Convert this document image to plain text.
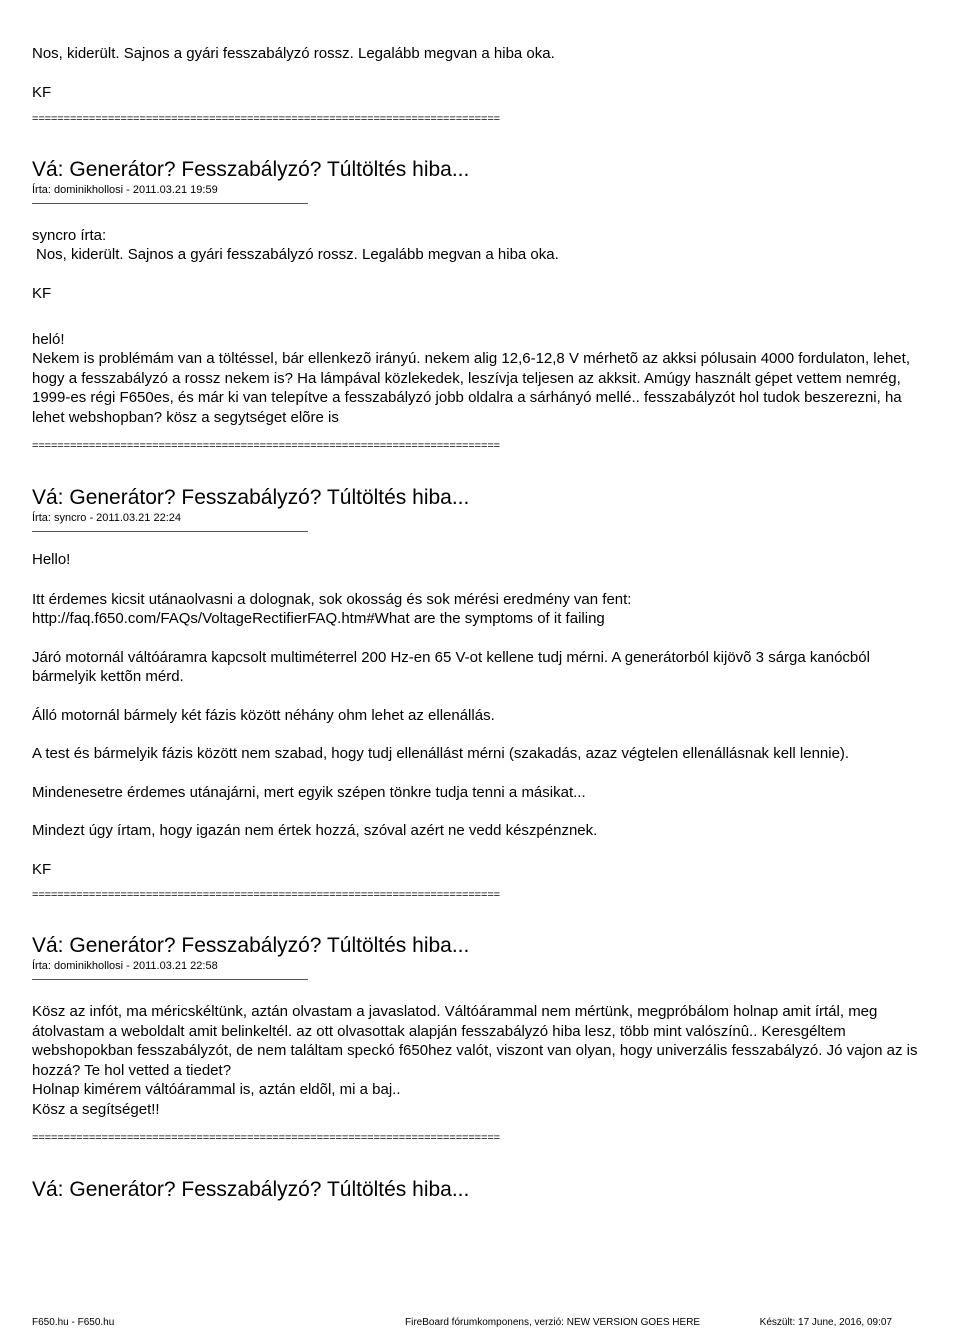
Nos, kiderült. Sajnos a gyári fesszabályzó rossz. Legalább megvan a hiba oka.

KF

==========================================================================

Vá: Generátor? Fesszabályzó? Túltöltés hiba...

Írta: dominikhollosi - 2011.03.21 19:59

syncro írta:

Nos, kiderült. Sajnos a gyári fesszabályzó rossz. Legalább megvan a hiba oka.

KF

heló!

Nekem is problémám van a töltéssel, bár ellenkezõ irányú. nekem alig 12,6-12,8 V mérhetõ az akksi pólusain 4000 fordulaton, lehet, hogy a fesszabályzó a rossz nekem is? Ha lámpával közlekedek, leszívja teljesen az akksit. Amúgy használt gépet vettem nemrég, 1999-es régi F650es, és már ki van telepítve a fesszabályzó jobb oldalra a sárhányó mellé.. fesszabályzót hol tudok beszerezni, ha lehet webshopban? kösz a segytséget elõre is

==========================================================================

Vá: Generátor? Fesszabályzó? Túltöltés hiba...

Írta: syncro - 2011.03.21 22:24

Hello!

Itt érdemes kicsit utánaolvasni a dolognak, sok okosság és sok mérési eredmény van fent: http://faq.f650.com/FAQs/VoltageRectifierFAQ.htm#What are the symptoms of it failing

Járó motornál váltóáramra kapcsolt multiméterrel 200 Hz-en 65 V-ot kellene tudj mérni. A generátorból kijövõ 3 sárga kanócból bármelyik kettõn mérd.

Álló motornál bármely két fázis között néhány ohm lehet az ellenállás.

A test és bármelyik fázis között nem szabad, hogy tudj ellenállást mérni (szakadás, azaz végtelen ellenállásnak kell lennie).

Mindenesetre érdemes utánajárni, mert egyik szépen tönkre tudja tenni a másikat...

Mindezt úgy írtam, hogy igazán nem értek hozzá, szóval azért ne vedd készpénznek.

KF

==========================================================================

Vá: Generátor? Fesszabályzó? Túltöltés hiba...

Írta: dominikhollosi - 2011.03.21 22:58

Kösz az infót, ma méricskéltünk, aztán olvastam a javaslatod. Váltóárammal nem mértünk, megpróbálom holnap amit írtál, meg átolvastam a weboldalt amit belinkeltél. az ott olvasottak alapján fesszabályzó hiba lesz, több mint valószínû.. Keresgéltem webshopokban fesszabályzót, de nem találtam speckó f650hez valót, viszont van olyan, hogy univerzális fesszabályzó. Jó vajon az is hozzá? Te hol vetted a tiedet?
Holnap kimérem váltóárammal is, aztán eldõl, mi a baj..
Kösz a segítséget!!

==========================================================================

Vá: Generátor? Fesszabályzó? Túltöltés hiba...

F650.hu - F650.hu	FireBoard fórumkomponens, verzió: NEW VERSION GOES HERE	Készült: 17 June, 2016, 09:07
